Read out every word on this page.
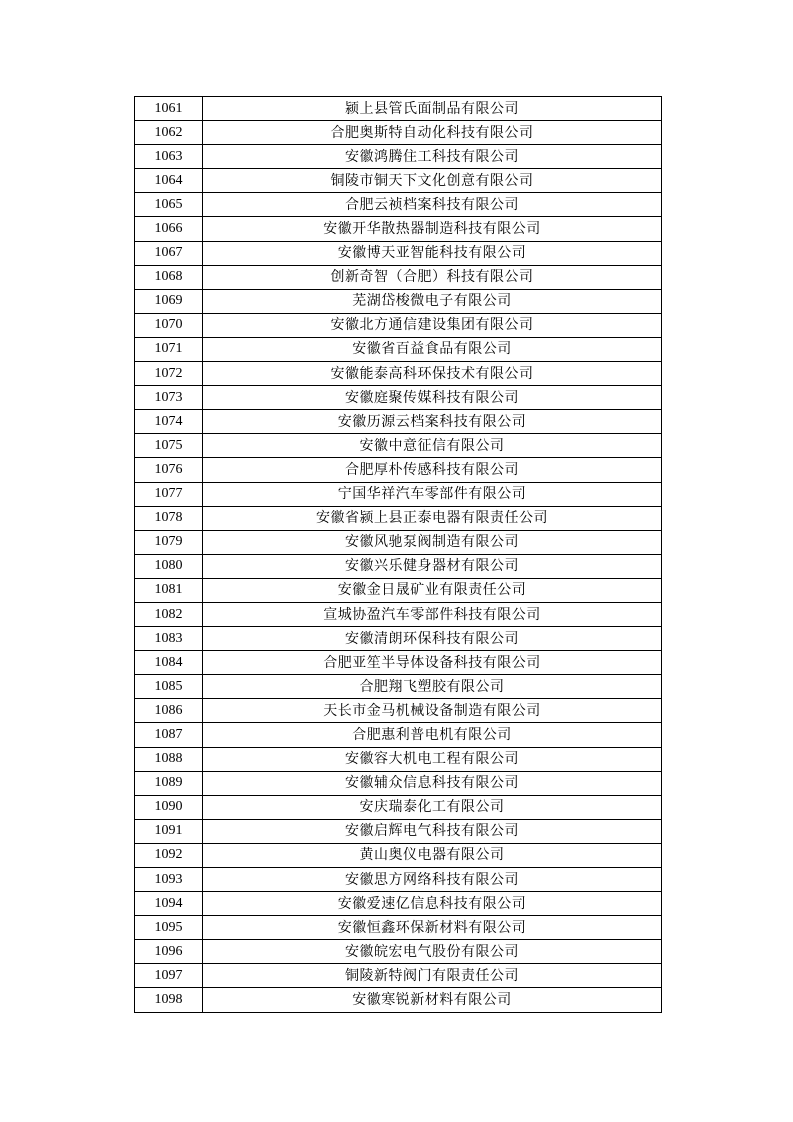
1061	颍上县管氏面制品有限公司
1062	合肥奥斯特自动化科技有限公司
1063	安徽鸿腾住工科技有限公司
1064	铜陵市铜天下文化创意有限公司
1065	合肥云祯档案科技有限公司
1066	安徽开华散热器制造科技有限公司
1067	安徽博天亚智能科技有限公司
1068	创新奇智（合肥）科技有限公司
1069	芜湖岱梭微电子有限公司
1070	安徽北方通信建设集团有限公司
1071	安徽省百益食品有限公司
1072	安徽能泰高科环保技术有限公司
1073	安徽庭聚传媒科技有限公司
1074	安徽历源云档案科技有限公司
1075	安徽中意征信有限公司
1076	合肥厚朴传感科技有限公司
1077	宁国华祥汽车零部件有限公司
1078	安徽省颍上县正泰电器有限责任公司
1079	安徽风驰泵阀制造有限公司
1080	安徽兴乐健身器材有限公司
1081	安徽金日晟矿业有限责任公司
1082	宣城协盈汽车零部件科技有限公司
1083	安徽清朗环保科技有限公司
1084	合肥亚笙半导体设备科技有限公司
1085	合肥翔飞塑胶有限公司
1086	天长市金马机械设备制造有限公司
1087	合肥惠利普电机有限公司
1088	安徽容大机电工程有限公司
1089	安徽辅众信息科技有限公司
1090	安庆瑞泰化工有限公司
1091	安徽启辉电气科技有限公司
1092	黄山奥仪电器有限公司
1093	安徽思方网络科技有限公司
1094	安徽爱速亿信息科技有限公司
1095	安徽恒鑫环保新材料有限公司
1096	安徽皖宏电气股份有限公司
1097	铜陵新特阀门有限责任公司
1098	安徽寒锐新材料有限公司
